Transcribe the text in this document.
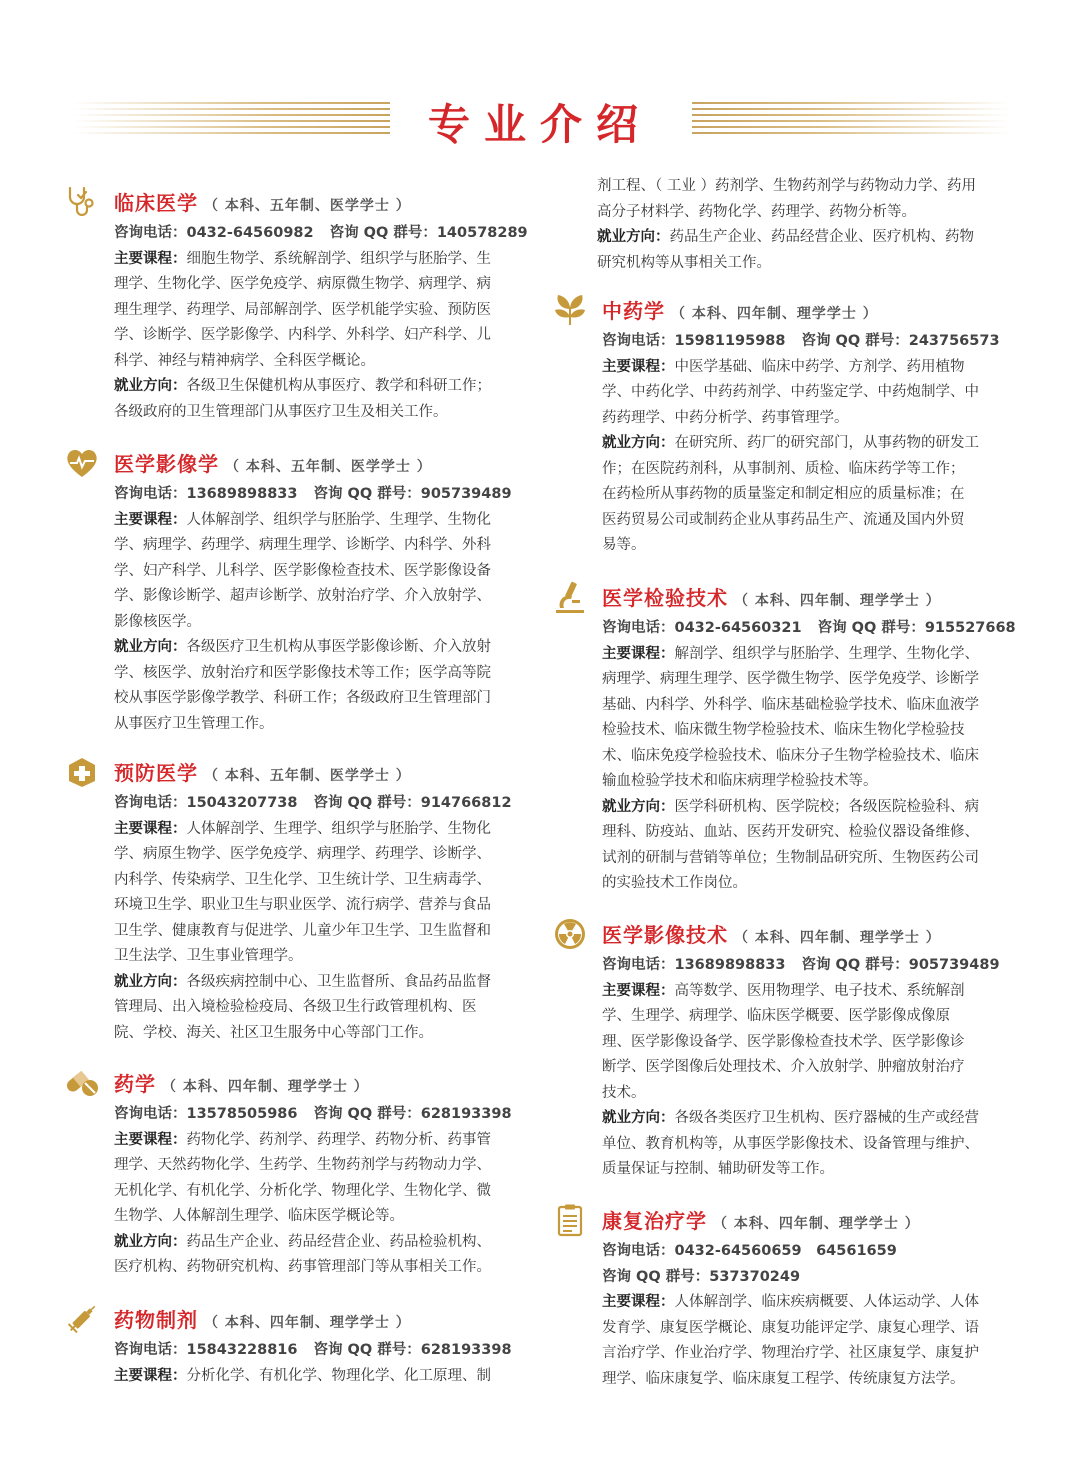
专业介绍
临床医学 （ 本科、五年制、医学学士 ）
咨询电话：0432-64560982 咨询 QQ 群号：140578289
主要课程：细胞生物学、系统解剖学、组织学与胚胎学、生
理学、生物化学、医学免疫学、病原微生物学、病理学、病
理生理学、药理学、局部解剖学、医学机能学实验、预防医
学、诊断学、医学影像学、内科学、外科学、妇产科学、儿
科学、神经与精神病学、全科医学概论。
就业方向：各级卫生保健机构从事医疗、教学和科研工作；
各级政府的卫生管理部门从事医疗卫生及相关工作。
医学影像学 （ 本科、五年制、医学学士 ）
咨询电话：13689898833 咨询 QQ 群号：905739489
主要课程：人体解剖学、组织学与胚胎学、生理学、生物化
学、病理学、药理学、病理生理学、诊断学、内科学、外科
学、妇产科学、儿科学、医学影像检查技术、医学影像设备
学、影像诊断学、超声诊断学、放射治疗学、介入放射学、
影像核医学。
就业方向：各级医疗卫生机构从事医学影像诊断、介入放射
学、核医学、放射治疗和医学影像技术等工作；医学高等院
校从事医学影像学教学、科研工作；各级政府卫生管理部门
从事医疗卫生管理工作。
预防医学 （ 本科、五年制、医学学士 ）
咨询电话：15043207738 咨询 QQ 群号：914766812
主要课程：人体解剖学、生理学、组织学与胚胎学、生物化
学、病原生物学、医学免疫学、病理学、药理学、诊断学、
内科学、传染病学、卫生化学、卫生统计学、卫生病毒学、
环境卫生学、职业卫生与职业医学、流行病学、营养与食品
卫生学、健康教育与促进学、儿童少年卫生学、卫生监督和
卫生法学、卫生事业管理学。
就业方向：各级疾病控制中心、卫生监督所、食品药品监督
管理局、出入境检验检疫局、各级卫生行政管理机构、医
院、学校、海关、社区卫生服务中心等部门工作。
药学 （ 本科、四年制、理学学士 ）
咨询电话：13578505986 咨询 QQ 群号：628193398
主要课程：药物化学、药剂学、药理学、药物分析、药事管
理学、天然药物化学、生药学、生物药剂学与药物动力学、
无机化学、有机化学、分析化学、物理化学、生物化学、微
生物学、人体解剖生理学、临床医学概论等。
就业方向：药品生产企业、药品经营企业、药品检验机构、
医疗机构、药物研究机构、药事管理部门等从事相关工作。
药物制剂 （ 本科、四年制、理学学士 ）
咨询电话：15843228816 咨询 QQ 群号：628193398
主要课程：分析化学、有机化学、物理化学、化工原理、制
剂工程、（ 工业 ）药剂学、生物药剂学与药物动力学、药用
高分子材料学、药物化学、药理学、药物分析等。
就业方向：药品生产企业、药品经营企业、医疗机构、药物
研究机构等从事相关工作。
中药学 （ 本科、四年制、理学学士 ）
咨询电话：15981195988 咨询 QQ 群号：243756573
主要课程：中医学基础、临床中药学、方剂学、药用植物
学、中药化学、中药药剂学、中药鉴定学、中药炮制学、中
药药理学、中药分析学、药事管理学。
就业方向：在研究所、药厂的研究部门，从事药物的研发工
作；在医院药剂科，从事制剂、质检、临床药学等工作；
在药检所从事药物的质量鉴定和制定相应的质量标准；在
医药贸易公司或制药企业从事药品生产、流通及国内外贸
易等。
医学检验技术 （ 本科、四年制、理学学士 ）
咨询电话：0432-64560321 咨询 QQ 群号：915527668
主要课程：解剖学、组织学与胚胎学、生理学、生物化学、
病理学、病理生理学、医学微生物学、医学免疫学、诊断学
基础、内科学、外科学、临床基础检验学技术、临床血液学
检验技术、临床微生物学检验技术、临床生物化学检验技
术、临床免疫学检验技术、临床分子生物学检验技术、临床
输血检验学技术和临床病理学检验技术等。
就业方向：医学科研机构、医学院校；各级医院检验科、病
理科、防疫站、血站、医药开发研究、检验仪器设备维修、
试剂的研制与营销等单位；生物制品研究所、生物医药公司
的实验技术工作岗位。
医学影像技术 （ 本科、四年制、理学学士 ）
咨询电话：13689898833 咨询 QQ 群号：905739489
主要课程：高等数学、医用物理学、电子技术、系统解剖
学、生理学、病理学、临床医学概要、医学影像成像原
理、医学影像设备学、医学影像检查技术学、医学影像诊
断学、医学图像后处理技术、介入放射学、肿瘤放射治疗
技术。
就业方向：各级各类医疗卫生机构、医疗器械的生产或经营
单位、教育机构等，从事医学影像技术、设备管理与维护、
质量保证与控制、辅助研发等工作。
康复治疗学 （ 本科、四年制、理学学士 ）
咨询电话：0432-64560659　64561659
咨询 QQ 群号：537370249
主要课程：人体解剖学、临床疾病概要、人体运动学、人体
发育学、康复医学概论、康复功能评定学、康复心理学、语
言治疗学、作业治疗学、物理治疗学、社区康复学、康复护
理学、临床康复学、临床康复工程学、传统康复方法学。
